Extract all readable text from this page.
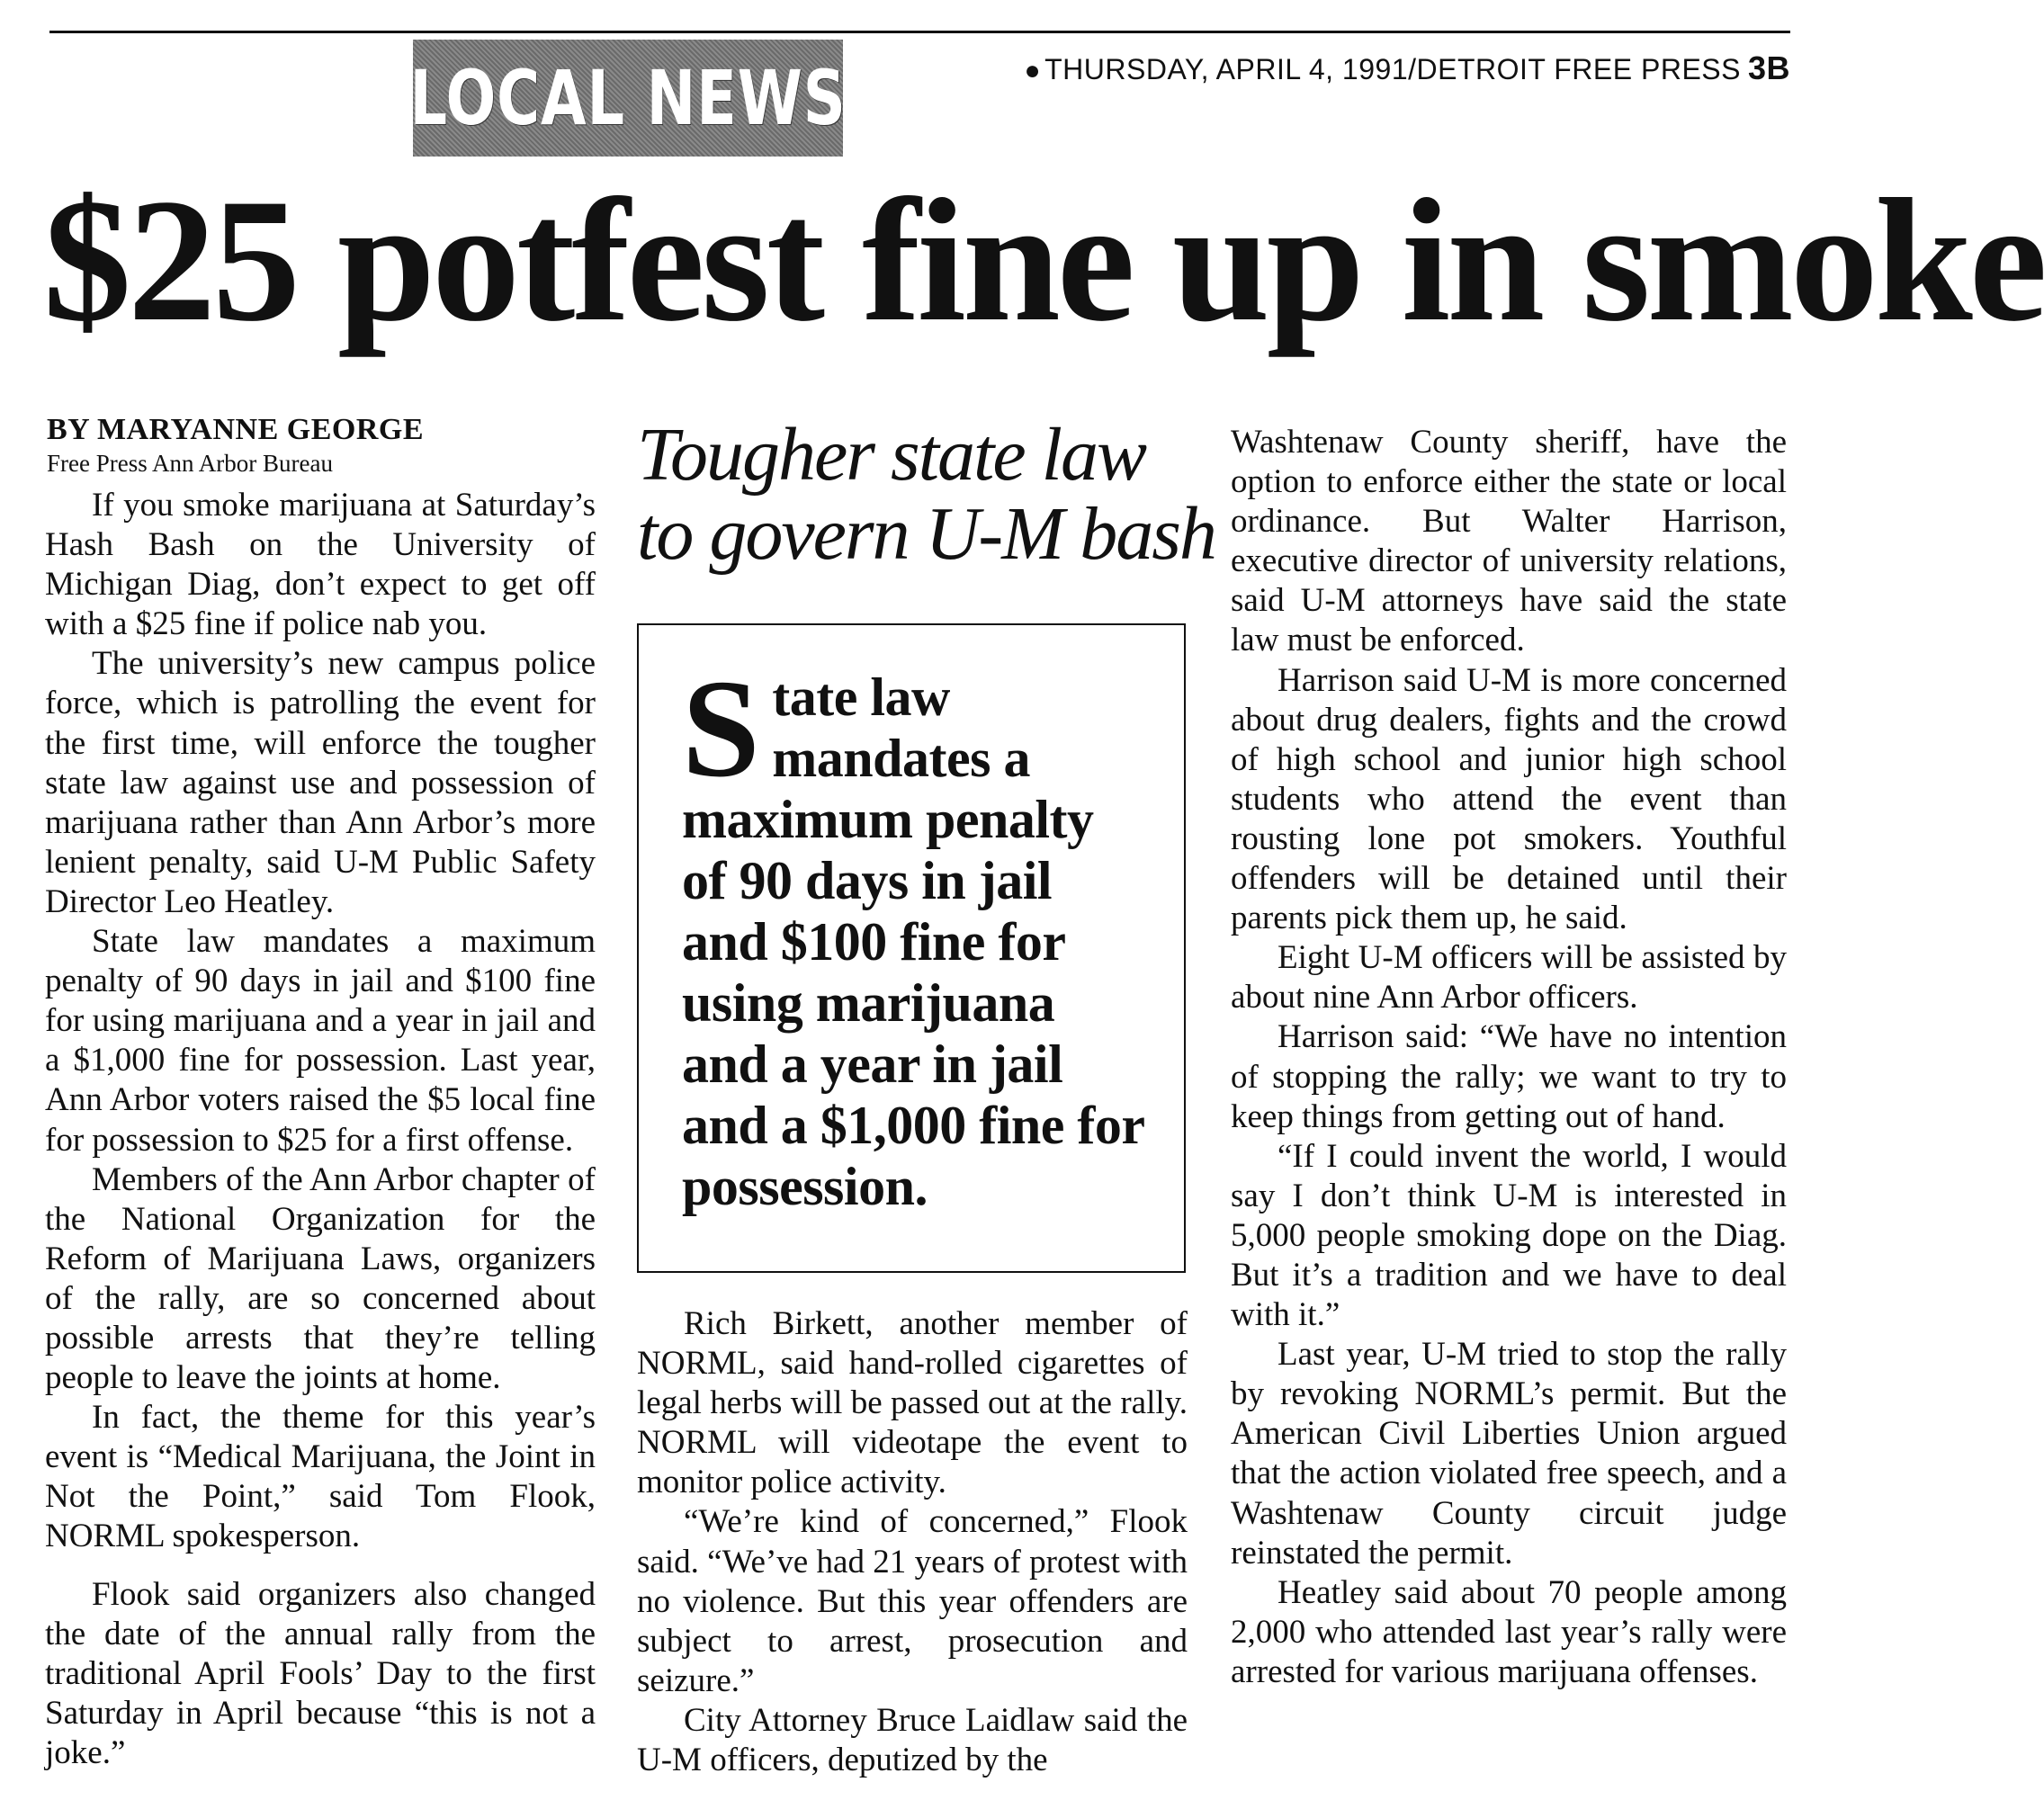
LOCAL NEWS	● THURSDAY, APRIL 4, 1991/DETROIT FREE PRESS 3B
$25 potfest fine up in smoke
BY MARYANNE GEORGE
Free Press Ann Arbor Bureau

If you smoke marijuana at Saturday’s Hash Bash on the University of Michigan Diag, don’t expect to get off with a $25 fine if police nab you.

The university’s new campus police force, which is patrolling the event for the first time, will enforce the tougher state law against use and possession of marijuana rather than Ann Arbor’s more lenient penalty, said U-M Public Safety Director Leo Heatley.

State law mandates a maximum penalty of 90 days in jail and $100 fine for using marijuana and a year in jail and a $1,000 fine for possession. Last year, Ann Arbor voters raised the $5 local fine for possession to $25 for a first offense.

Members of the Ann Arbor chapter of the National Organization for the Reform of Marijuana Laws, organizers of the rally, are so concerned about possible arrests that they’re telling people to leave the joints at home.

In fact, the theme for this year’s event is “Medical Marijuana, the Joint in Not the Point,” said Tom Flook, NORML spokesperson.

Flook said organizers also changed the date of the annual rally from the traditional April Fools’ Day to the first Saturday in April because “this is not a joke.”

Tougher state law
to govern U-M bash
State law mandates a maximum penalty of 90 days in jail and $100 fine for using marijuana and a year in jail and a $1,000 fine for possession.

Rich Birkett, another member of NORML, said hand-rolled cigarettes of legal herbs will be passed out at the rally. NORML will videotape the event to monitor police activity.

“We’re kind of concerned,” Flook said. “We’ve had 21 years of protest with no violence. But this year offenders are subject to arrest, prosecution and seizure.”

City Attorney Bruce Laidlaw said the U-M officers, deputized by the

Washtenaw County sheriff, have the option to enforce either the state or local ordinance. But Walter Harrison, executive director of university relations, said U-M attorneys have said the state law must be enforced.

Harrison said U-M is more concerned about drug dealers, fights and the crowd of high school and junior high school students who attend the event than rousting lone pot smokers. Youthful offenders will be detained until their parents pick them up, he said.

Eight U-M officers will be assisted by about nine Ann Arbor officers.

Harrison said: “We have no intention of stopping the rally; we want to try to keep things from getting out of hand.

“If I could invent the world, I would say I don’t think U-M is interested in 5,000 people smoking dope on the Diag. But it’s a tradition and we have to deal with it.”

Last year, U-M tried to stop the rally by revoking NORML’s permit. But the American Civil Liberties Union argued that the action violated free speech, and a Washtenaw County circuit judge reinstated the permit.

Heatley said about 70 people among 2,000 who attended last year’s rally were arrested for various marijuana offenses.
